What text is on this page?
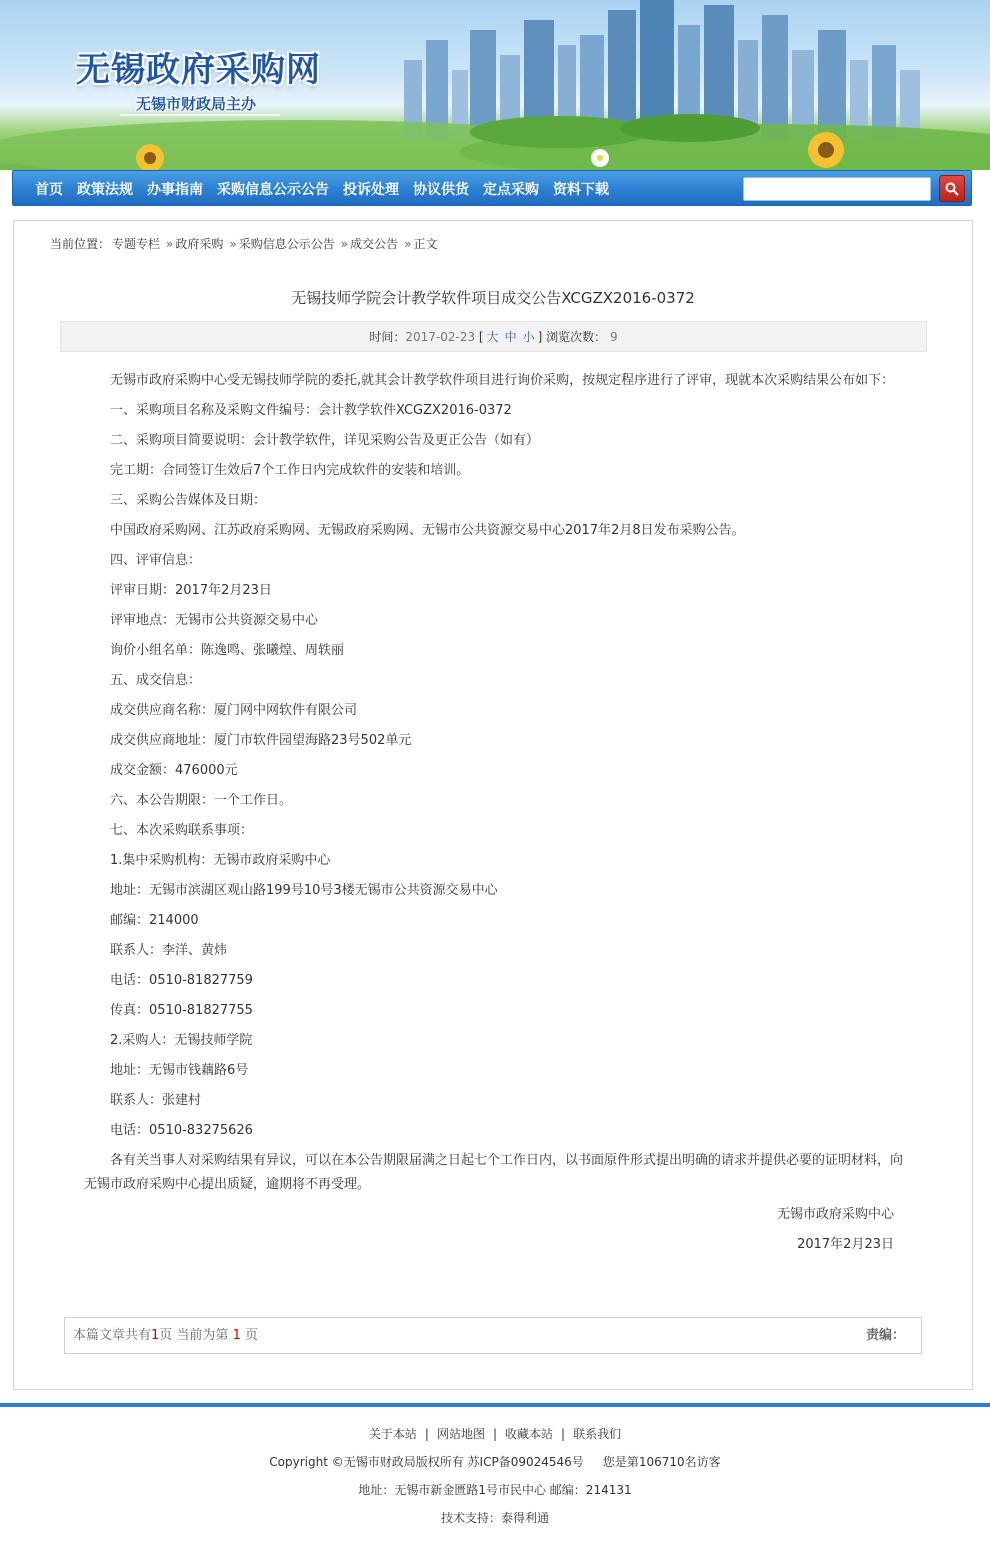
无锡政府采购网
无锡市财政局主办
首页 政策法规 办事指南 采购信息公示公告 投诉处理 协议供货 定点采购 资料下载
当前位置： 专题专栏 » 政府采购 » 采购信息公示公告 » 成交公告 » 正文
无锡技师学院会计教学软件项目成交公告XCGZX2016-0372
时间：2017-02-23 [ 大 中 小 ] 浏览次数： 9

无锡市政府采购中心受无锡技师学院的委托,就其会计教学软件项目进行询价采购，按规定程序进行了评审，现就本次采购结果公布如下：

一、采购项目名称及采购文件编号：会计教学软件XCGZX2016-0372

二、采购项目简要说明：会计教学软件，详见采购公告及更正公告（如有）

完工期：合同签订生效后7个工作日内完成软件的安装和培训。

三、采购公告媒体及日期：

中国政府采购网、江苏政府采购网、无锡政府采购网、无锡市公共资源交易中心2017年2月8日发布采购公告。

四、评审信息：

评审日期：2017年2月23日

评审地点：无锡市公共资源交易中心

询价小组名单：陈逸鸣、张曦煌、周轶丽

五、成交信息：

成交供应商名称：厦门网中网软件有限公司

成交供应商地址：厦门市软件园望海路23号502单元

成交金额：476000元

六、本公告期限：一个工作日。

七、本次采购联系事项：

1.集中采购机构：无锡市政府采购中心

地址：无锡市滨湖区观山路199号10号3楼无锡市公共资源交易中心

邮编：214000

联系人：李洋、黄炜

电话：0510-81827759

传真：0510-81827755

2.采购人：无锡技师学院

地址：无锡市钱藕路6号

联系人：张建村

电话：0510-83275626

各有关当事人对采购结果有异议，可以在本公告期限届满之日起七个工作日内，以书面原件形式提出明确的请求并提供必要的证明材料，向无锡市政府采购中心提出质疑，逾期将不再受理。

无锡市政府采购中心

2017年2月23日

本篇文章共有1页 当前为第 1 页	责编：
关于本站 | 网站地图 | 收藏本站 | 联系我们
Copyright ©无锡市财政局版权所有 苏ICP备09024546号 您是第106710名访客
地址：无锡市新金匮路1号市民中心 邮编：214131
技术支持：泰得利通
